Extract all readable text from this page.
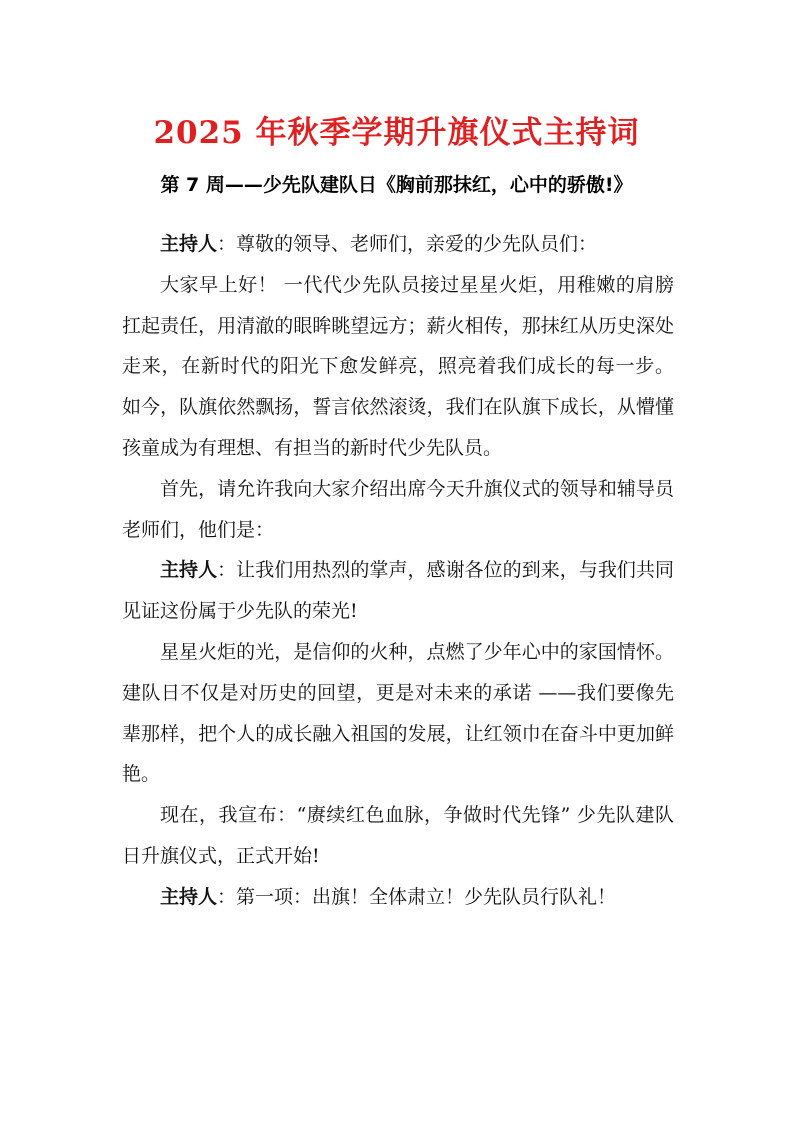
2025 年秋季学期升旗仪式主持词
第 7 周——少先队建队日《胸前那抹红，心中的骄傲!》

主持人：尊敬的领导、老师们，亲爱的少先队员们：

大家早上好！ 一代代少先队员接过星星火炬，用稚嫩的肩膀扛起责任，用清澈的眼眸眺望远方；薪火相传，那抹红从历史深处走来，在新时代的阳光下愈发鲜亮，照亮着我们成长的每一步。 如今，队旗依然飘扬，誓言依然滚烫，我们在队旗下成长，从懵懂孩童成为有理想、有担当的新时代少先队员。

首先，请允许我向大家介绍出席今天升旗仪式的领导和辅导员老师们，他们是：

主持人：让我们用热烈的掌声，感谢各位的到来，与我们共同见证这份属于少先队的荣光!

星星火炬的光，是信仰的火种，点燃了少年心中的家国情怀。建队日不仅是对历史的回望，更是对未来的承诺 ——我们要像先辈那样，把个人的成长融入祖国的发展，让红领巾在奋斗中更加鲜艳。

现在，我宣布：“赓续红色血脉，争做时代先锋” 少先队建队日升旗仪式，正式开始!

主持人：第一项：出旗！全体肃立！少先队员行队礼！
